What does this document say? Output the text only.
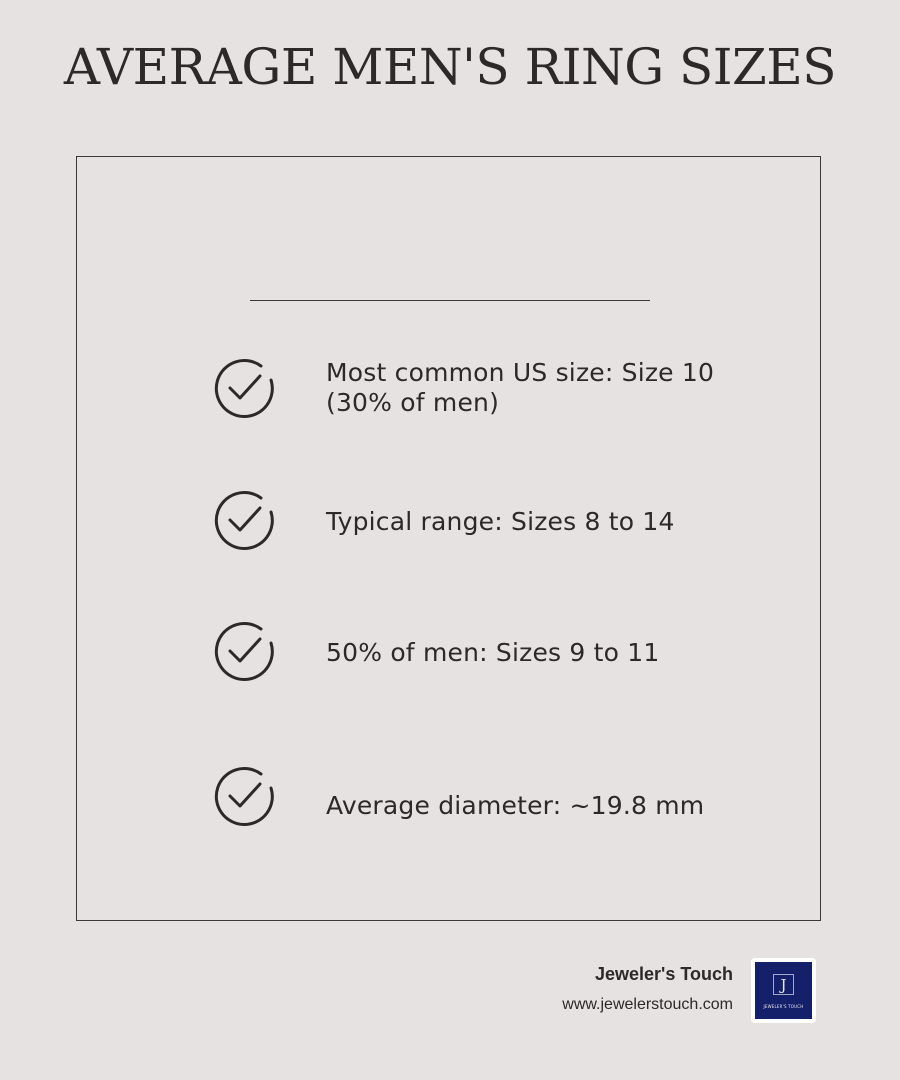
AVERAGE MEN'S RING SIZES
Most common US size: Size 10 (30% of men)
Typical range: Sizes 8 to 14
50% of men: Sizes 9 to 11
Average diameter: ~19.8 mm
Jeweler's Touch
www.jewelerstouch.com
J
JEWELER'S TOUCH
